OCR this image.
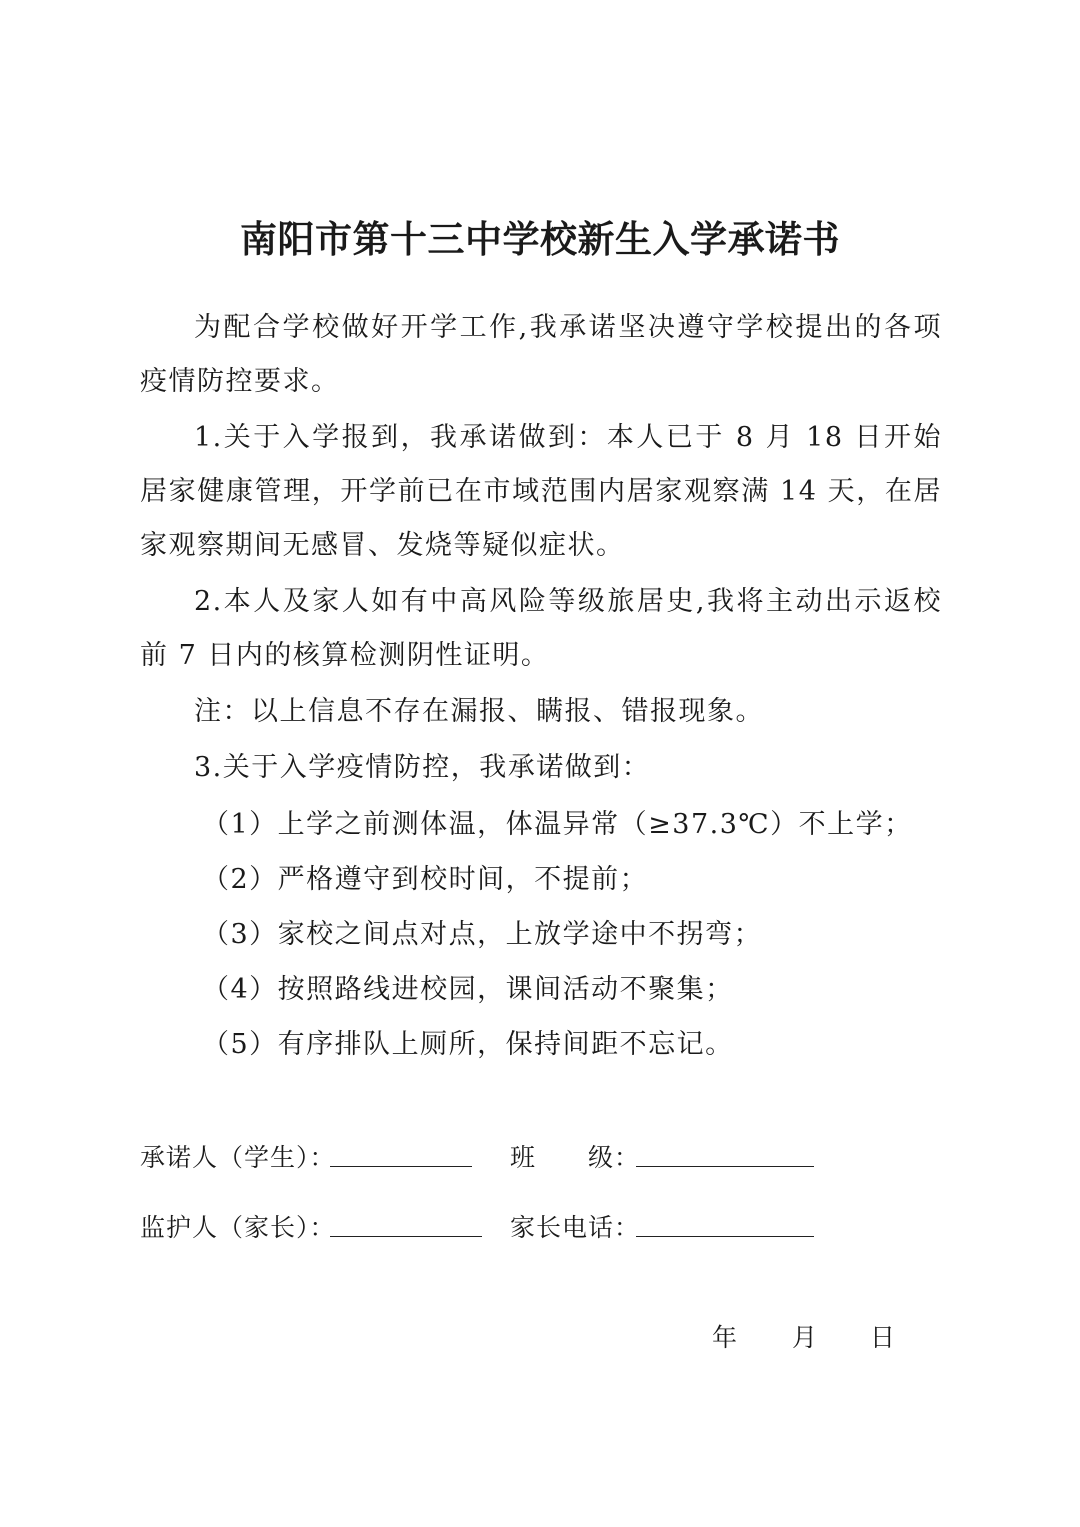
南阳市第十三中学校新生入学承诺书

为配合学校做好开学工作,我承诺坚决遵守学校提出的各项疫情防控要求。

1.关于入学报到，我承诺做到：本人已于 8 月 18 日开始居家健康管理，开学前已在市域范围内居家观察满 14 天，在居家观察期间无感冒、发烧等疑似症状。

2.本人及家人如有中高风险等级旅居史,我将主动出示返校前 7 日内的核算检测阴性证明。

注：以上信息不存在漏报、瞒报、错报现象。

3.关于入学疫情防控，我承诺做到：

（1）上学之前测体温，体温异常（≥37.3℃）不上学；

（2）严格遵守到校时间，不提前；

（3）家校之间点对点，上放学途中不拐弯；

（4）按照路线进校园，课间活动不聚集；

（5）有序排队上厕所，保持间距不忘记。

承诺人（学生）：	班　　级：
监护人（家长）：	家长电话：
年 月 日
